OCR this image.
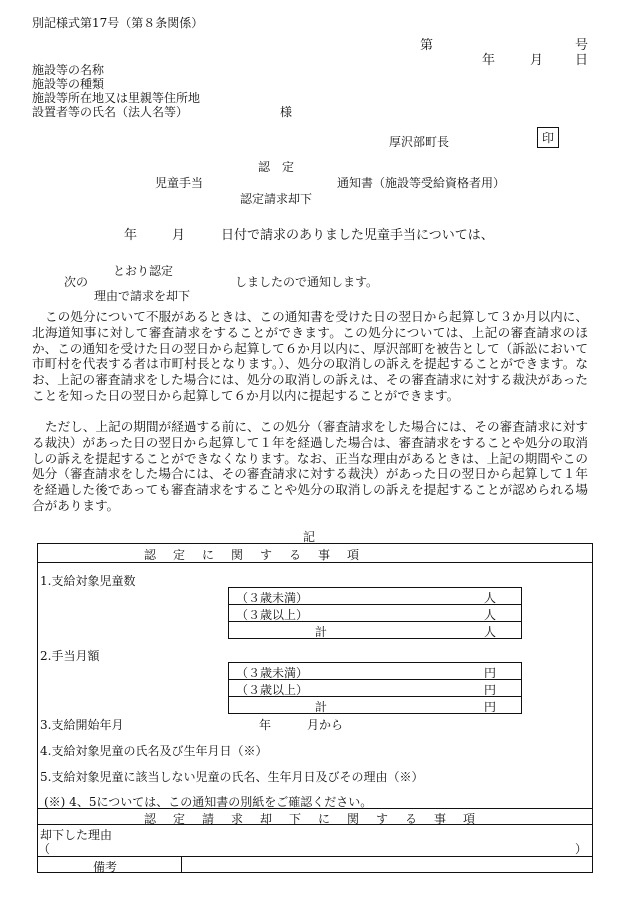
別記様式第17号（第８条関係）
第	号
年	月 日
施設等の名称
施設等の種類
施設等所在地又は里親等住所地
設置者等の氏名（法人名等）	様
厚沢部町長	印
認　定
児童手当	通知書（施設等受給資格者用）
認定請求却下
年	月	日付で請求のありました児童手当については、
とおり認定
次の	しましたので通知します。
理由で請求を却下
この処分について不服があるときは、この通知書を受けた日の翌日から起算して３か月以内に、北海道知事に対して審査請求をすることができます。この処分については、上記の審査請求のほか、この通知を受けた日の翌日から起算して６か月以内に、厚沢部町を被告として（訴訟において市町村を代表する者は市町村長となります。）、処分の取消しの訴えを提起することができます。なお、上記の審査請求をした場合には、処分の取消しの訴えは、その審査請求に対する裁決があったことを知った日の翌日から起算して６か月以内に提起することができます。
ただし、上記の期間が経過する前に、この処分（審査請求をした場合には、その審査請求に対する裁決）があった日の翌日から起算して１年を経過した場合は、審査請求をすることや処分の取消しの訴えを提起することができなくなります。なお、正当な理由があるときは、上記の期間やこの処分（審査請求をした場合には、その審査請求に対する裁決）があった日の翌日から起算して１年を経過した後であっても審査請求をすることや処分の取消しの訴えを提起することが認められる場合があります。
記
認定に関する事項
1.支給対象児童数
（３歳未満）	人
（３歳以上）	人
計	人
2.手当月額
（３歳未満）	円
（３歳以上）	円
計	円
3.支給開始年月	年	月から
4.支給対象児童の氏名及び生年月日（※）
5.支給対象児童に該当しない児童の氏名、生年月日及びその理由（※）
(※) 4、5については、この通知書の別紙をご確認ください。
認定請求却下に関する事項
却下した理由
（	）
備考
